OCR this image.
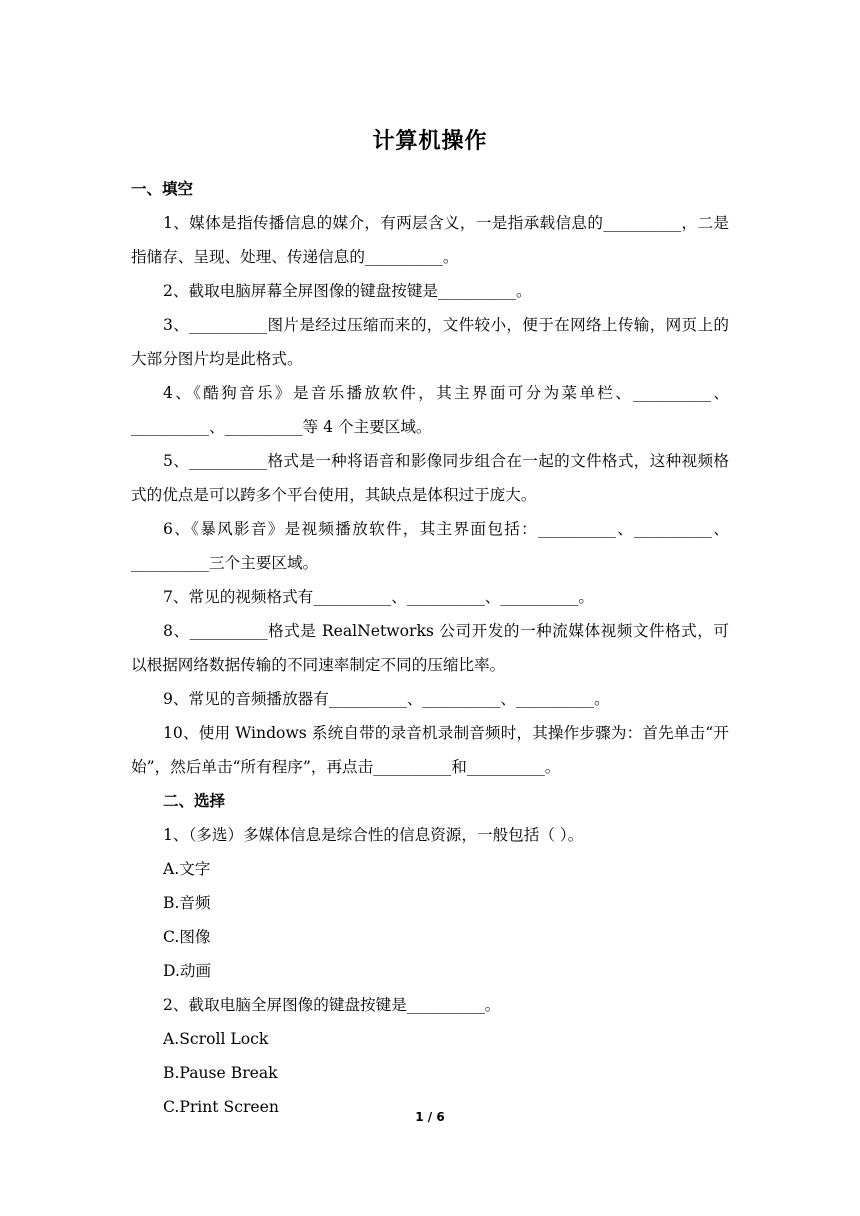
计算机操作
一、填空
1、媒体是指传播信息的媒介，有两层含义，一是指承载信息的__________，二是指储存、呈现、处理、传递信息的__________。
2、截取电脑屏幕全屏图像的键盘按键是__________。
3、__________图片是经过压缩而来的，文件较小，便于在网络上传输，网页上的大部分图片均是此格式。
4、《酷狗音乐》是音乐播放软件，其主界面可分为菜单栏、__________、__________、__________等 4 个主要区域。
5、__________格式是一种将语音和影像同步组合在一起的文件格式，这种视频格式的优点是可以跨多个平台使用，其缺点是体积过于庞大。
6、《暴风影音》是视频播放软件，其主界面包括：__________、__________、__________三个主要区域。
7、常见的视频格式有__________、__________、__________。
8、__________格式是 RealNetworks 公司开发的一种流媒体视频文件格式，可以根据网络数据传输的不同速率制定不同的压缩比率。
9、常见的音频播放器有__________、__________、__________。
10、使用 Windows 系统自带的录音机录制音频时，其操作步骤为：首先单击“开始”，然后单击“所有程序”，再点击__________和__________。
二、选择
1、（多选）多媒体信息是综合性的信息资源，一般包括（ ）。
A.文字
B.音频
C.图像
D.动画
2、截取电脑全屏图像的键盘按键是__________。
A.Scroll Lock
B.Pause Break
C.Print Screen
1 / 6
